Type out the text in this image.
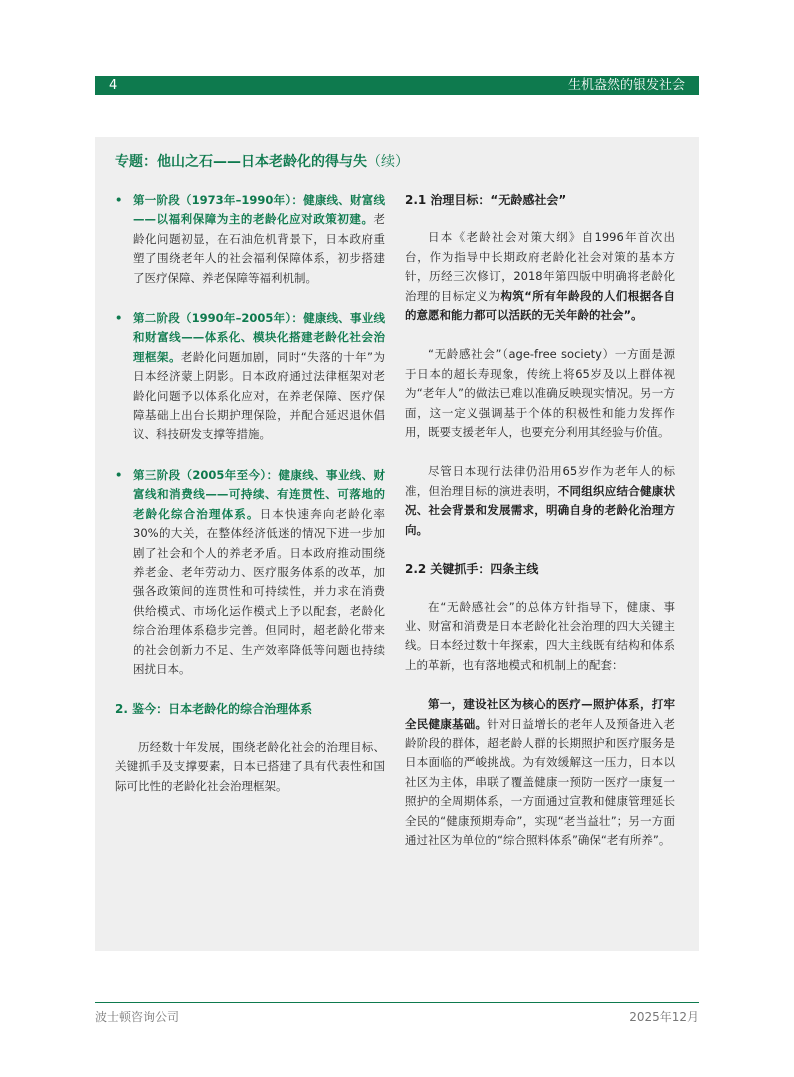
4	生机盎然的银发社会
专题：他山之石——日本老龄化的得与失（续）

• 第一阶段（1973年–1990年）：健康线、财富线——以福利保障为主的老龄化应对政策初建。老龄化问题初显，在石油危机背景下，日本政府重塑了围绕老年人的社会福利保障体系，初步搭建了医疗保障、养老保障等福利机制。

• 第二阶段（1990年–2005年）：健康线、事业线和财富线——体系化、模块化搭建老龄化社会治理框架。老龄化问题加剧，同时“失落的十年”为日本经济蒙上阴影。日本政府通过法律框架对老龄化问题予以体系化应对，在养老保障、医疗保障基础上出台长期护理保险，并配合延迟退休倡议、科技研发支撑等措施。

• 第三阶段（2005年至今）：健康线、事业线、财富线和消费线——可持续、有连贯性、可落地的老龄化综合治理体系。日本快速奔向老龄化率30%的大关，在整体经济低迷的情况下进一步加剧了社会和个人的养老矛盾。日本政府推动围绕养老金、老年劳动力、医疗服务体系的改革，加强各政策间的连贯性和可持续性，并力求在消费供给模式、市场化运作模式上予以配套，老龄化综合治理体系稳步完善。但同时，超老龄化带来的社会创新力不足、生产效率降低等问题也持续困扰日本。

2. 鉴今：日本老龄化的综合治理体系

历经数十年发展，围绕老龄化社会的治理目标、关键抓手及支撑要素，日本已搭建了具有代表性和国际可比性的老龄化社会治理框架。

2.1 治理目标：“无龄感社会”

日本《老龄社会对策大纲》自1996年首次出台，作为指导中长期政府老龄化社会对策的基本方针，历经三次修订，2018年第四版中明确将老龄化治理的目标定义为构筑“所有年龄段的人们根据各自的意愿和能力都可以活跃的无关年龄的社会”。

“无龄感社会”（age-free society）一方面是源于日本的超长寿现象，传统上将65岁及以上群体视为“老年人”的做法已难以准确反映现实情况。另一方面，这一定义强调基于个体的积极性和能力发挥作用，既要支援老年人，也要充分利用其经验与价值。

尽管日本现行法律仍沿用65岁作为老年人的标准，但治理目标的演进表明，不同组织应结合健康状况、社会背景和发展需求，明确自身的老龄化治理方向。

2.2 关键抓手：四条主线

在“无龄感社会”的总体方针指导下，健康、事业、财富和消费是日本老龄化社会治理的四大关键主线。日本经过数十年探索，四大主线既有结构和体系上的革新，也有落地模式和机制上的配套：

第一，建设社区为核心的医疗—照护体系，打牢全民健康基础。针对日益增长的老年人及预备进入老龄阶段的群体，超老龄人群的长期照护和医疗服务是日本面临的严峻挑战。为有效缓解这一压力，日本以社区为主体，串联了覆盖健康一预防一医疗一康复一照护的全周期体系，一方面通过宣教和健康管理延长全民的“健康预期寿命”，实现“老当益壮”；另一方面通过社区为单位的“综合照料体系”确保“老有所养”。

波士顿咨询公司	2025年12月
